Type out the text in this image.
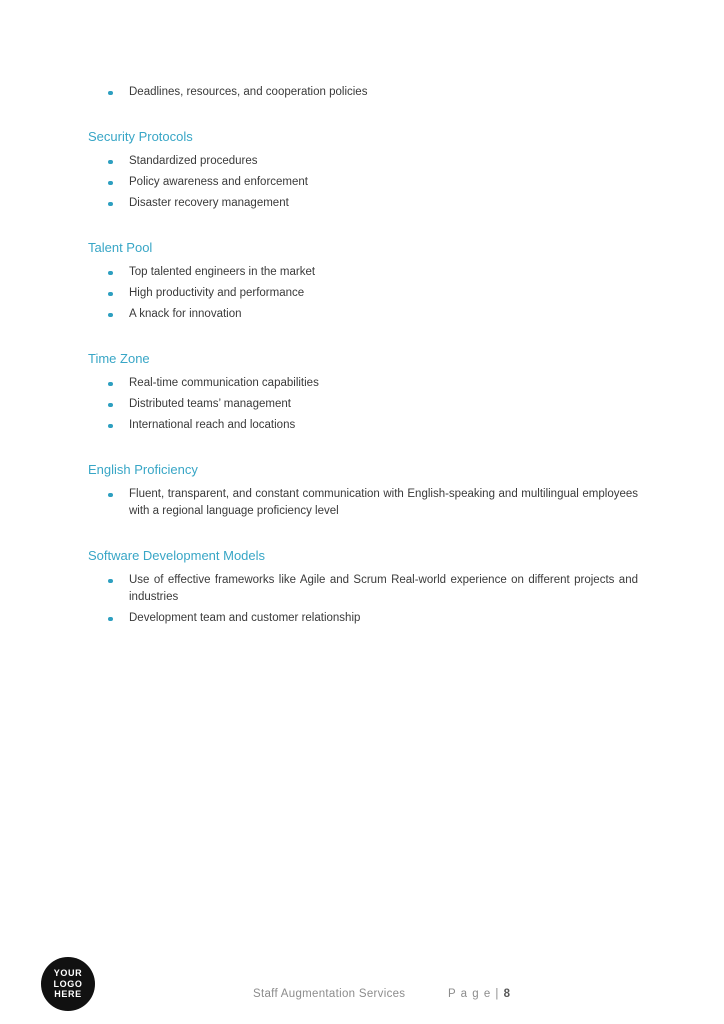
Deadlines, resources, and cooperation policies
Security Protocols
Standardized procedures
Policy awareness and enforcement
Disaster recovery management
Talent Pool
Top talented engineers in the market
High productivity and performance
A knack for innovation
Time Zone
Real-time communication capabilities
Distributed teams’ management
International reach and locations
English Proficiency
Fluent, transparent, and constant communication with English-speaking and multilingual employees with a regional language proficiency level
Software Development Models
Use of effective frameworks like Agile and Scrum Real-world experience on different projects and industries
Development team and customer relationship
YOUR
LOGO
HERE	Staff Augmentation Services	P a g e | 8
